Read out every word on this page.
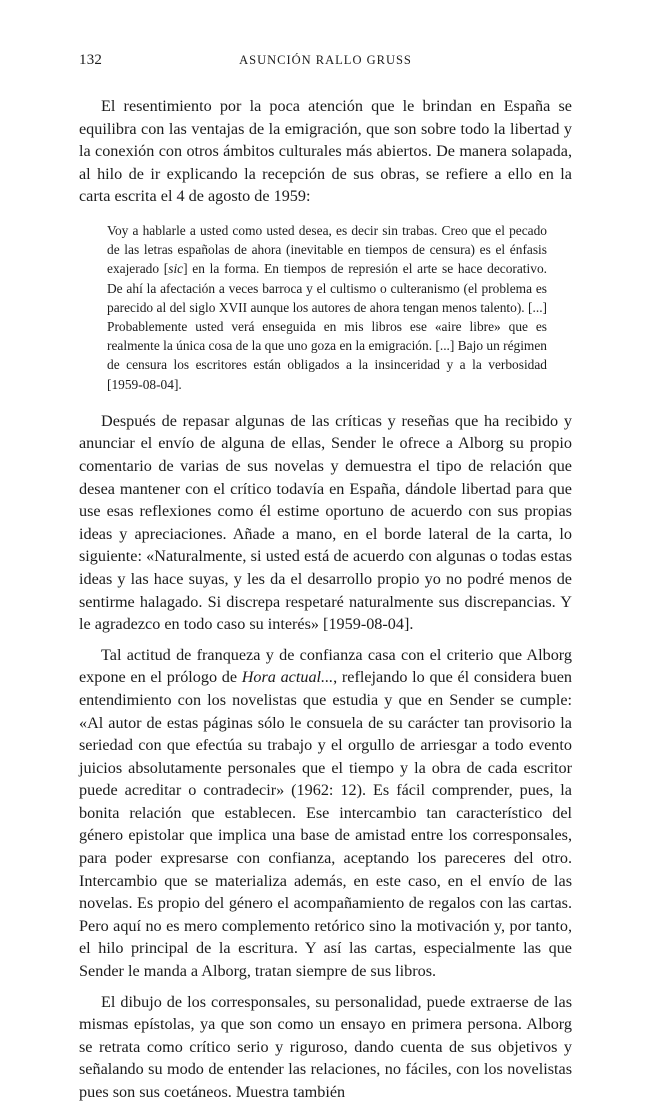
132	ASUNCIÓN RALLO GRUSS

El resentimiento por la poca atención que le brindan en España se equilibra con las ventajas de la emigración, que son sobre todo la libertad y la conexión con otros ámbitos culturales más abiertos. De manera solapada, al hilo de ir explicando la recepción de sus obras, se refiere a ello en la carta escrita el 4 de agosto de 1959:

Voy a hablarle a usted como usted desea, es decir sin trabas. Creo que el pecado de las letras españolas de ahora (inevitable en tiempos de censura) es el énfasis exajerado [sic] en la forma. En tiempos de represión el arte se hace decorativo. De ahí la afectación a veces barroca y el cultismo o culteranismo (el problema es parecido al del siglo XVII aunque los autores de ahora tengan menos talento). [...] Probablemente usted verá enseguida en mis libros ese «aire libre» que es realmente la única cosa de la que uno goza en la emigración. [...] Bajo un régimen de censura los escritores están obligados a la insinceridad y a la verbosidad [1959-08-04].

Después de repasar algunas de las críticas y reseñas que ha recibido y anunciar el envío de alguna de ellas, Sender le ofrece a Alborg su propio comentario de varias de sus novelas y demuestra el tipo de relación que desea mantener con el crítico todavía en España, dándole libertad para que use esas reflexiones como él estime oportuno de acuerdo con sus propias ideas y apreciaciones. Añade a mano, en el borde lateral de la carta, lo siguiente: «Naturalmente, si usted está de acuerdo con algunas o todas estas ideas y las hace suyas, y les da el desarrollo propio yo no podré menos de sentirme halagado. Si discrepa respetaré naturalmente sus discrepancias. Y le agradezco en todo caso su interés» [1959-08-04].

Tal actitud de franqueza y de confianza casa con el criterio que Alborg expone en el prólogo de Hora actual..., reflejando lo que él considera buen entendimiento con los novelistas que estudia y que en Sender se cumple: «Al autor de estas páginas sólo le consuela de su carácter tan provisorio la seriedad con que efectúa su trabajo y el orgullo de arriesgar a todo evento juicios absolutamente personales que el tiempo y la obra de cada escritor puede acreditar o contradecir» (1962: 12). Es fácil comprender, pues, la bonita relación que establecen. Ese intercambio tan característico del género epistolar que implica una base de amistad entre los corresponsales, para poder expresarse con confianza, aceptando los pareceres del otro. Intercambio que se materializa además, en este caso, en el envío de las novelas. Es propio del género el acompañamiento de regalos con las cartas. Pero aquí no es mero complemento retórico sino la motivación y, por tanto, el hilo principal de la escritura. Y así las cartas, especialmente las que Sender le manda a Alborg, tratan siempre de sus libros.

El dibujo de los corresponsales, su personalidad, puede extraerse de las mismas epístolas, ya que son como un ensayo en primera persona. Alborg se retrata como crítico serio y riguroso, dando cuenta de sus objetivos y señalando su modo de entender las relaciones, no fáciles, con los novelistas pues son sus coetáneos. Muestra también
